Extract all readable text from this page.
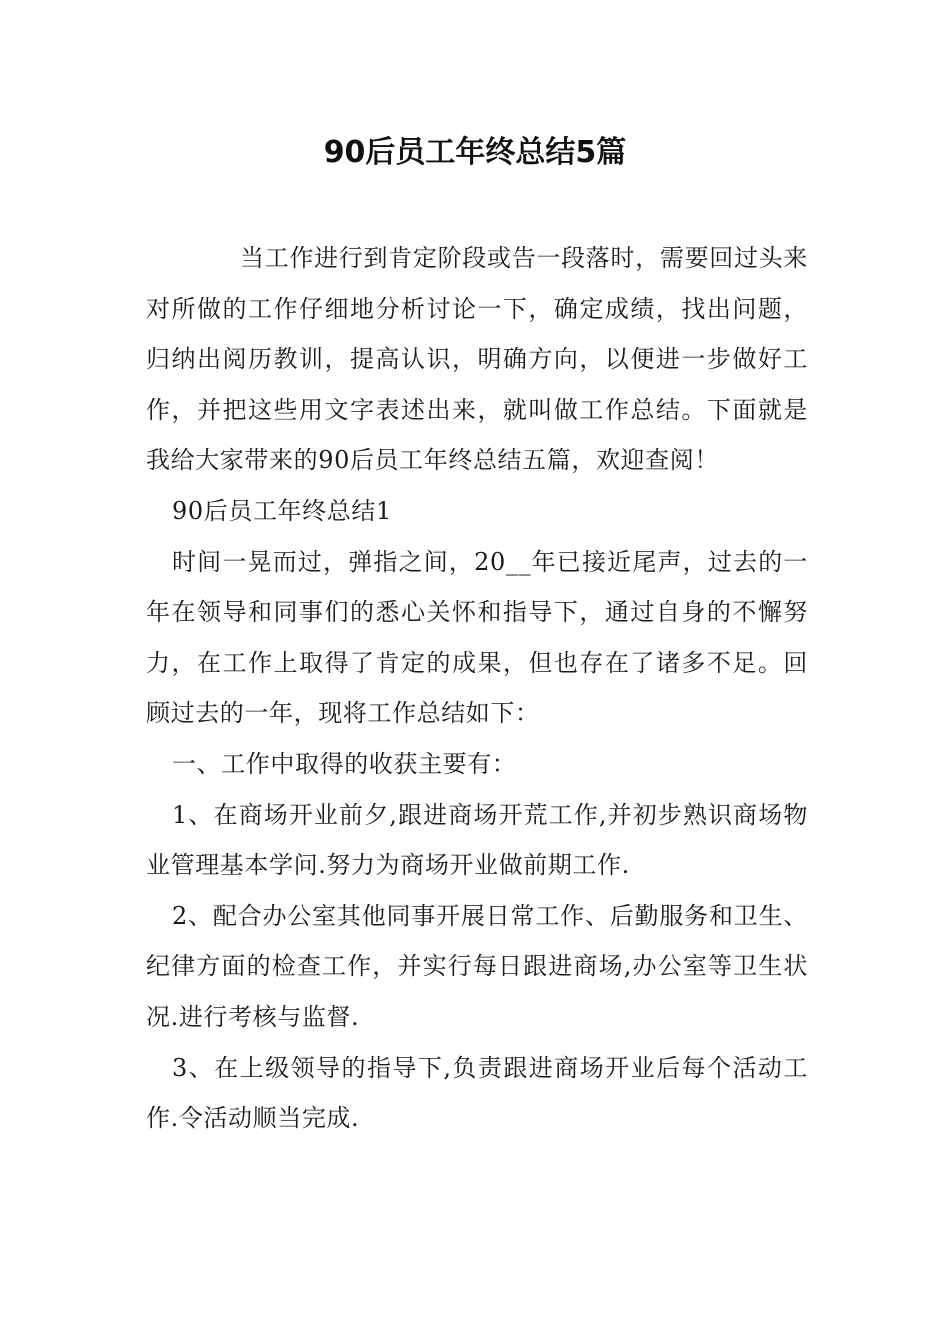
90后员工年终总结5篇

当工作进行到肯定阶段或告一段落时，需要回过头来对所做的工作仔细地分析讨论一下，确定成绩，找出问题，归纳出阅历教训，提高认识，明确方向，以便进一步做好工作，并把这些用文字表述出来，就叫做工作总结。下面就是我给大家带来的90后员工年终总结五篇，欢迎查阅！

90后员工年终总结1

时间一晃而过，弹指之间，20__年已接近尾声，过去的一年在领导和同事们的悉心关怀和指导下，通过自身的不懈努力，在工作上取得了肯定的成果，但也存在了诸多不足。回顾过去的一年，现将工作总结如下：

一、工作中取得的收获主要有：

1、在商场开业前夕,跟进商场开荒工作,并初步熟识商场物业管理基本学问.努力为商场开业做前期工作.

2、配合办公室其他同事开展日常工作、后勤服务和卫生、纪律方面的检查工作，并实行每日跟进商场,办公室等卫生状况.进行考核与监督.

3、在上级领导的指导下,负责跟进商场开业后每个活动工作.令活动顺当完成.
